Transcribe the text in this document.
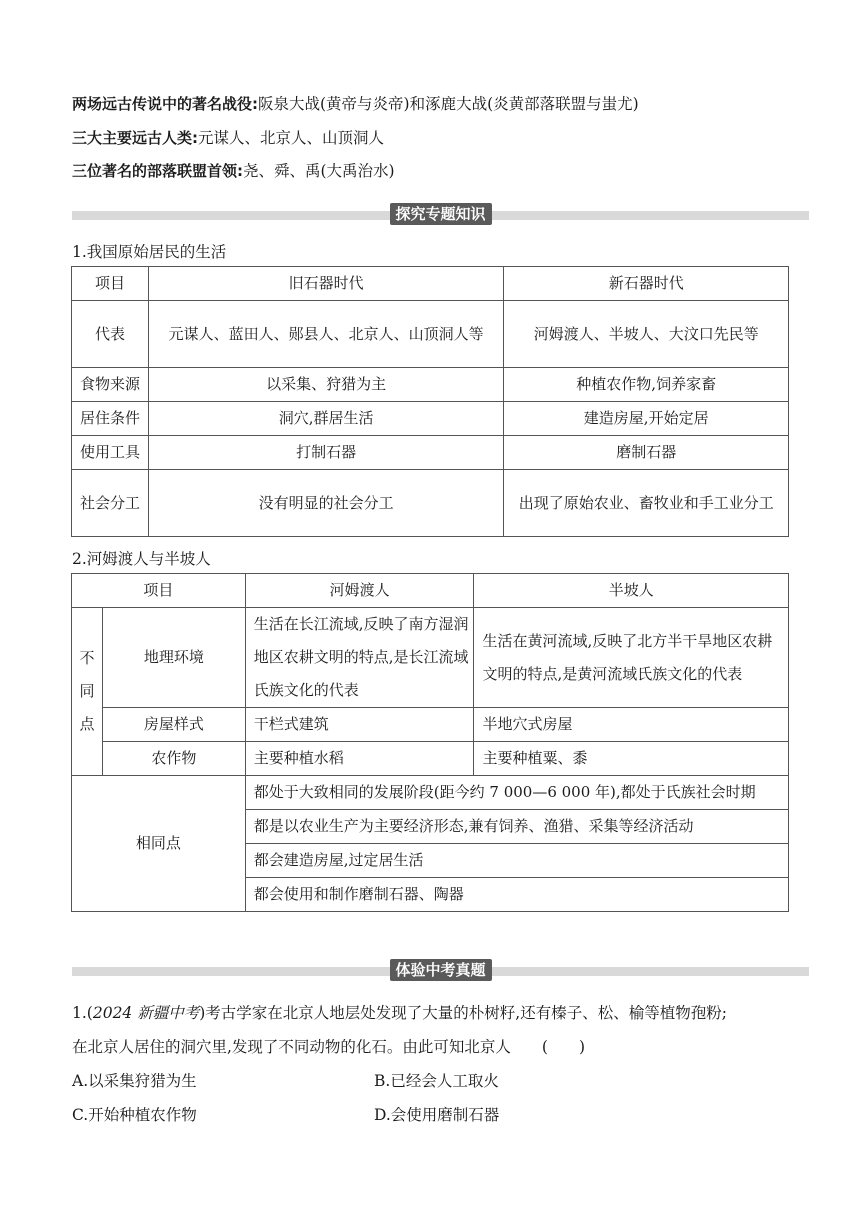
两场远古传说中的著名战役:阪泉大战(黄帝与炎帝)和涿鹿大战(炎黄部落联盟与蚩尤)
三大主要远古人类:元谋人、北京人、山顶洞人
三位著名的部落联盟首领:尧、舜、禹(大禹治水)
探究专题知识
1.我国原始居民的生活
项目	旧石器时代	新石器时代
代表	元谋人、蓝田人、郧县人、北京人、山顶洞人等	河姆渡人、半坡人、大汶口先民等
食物来源	以采集、狩猎为主	种植农作物,饲养家畜
居住条件	洞穴,群居生活	建造房屋,开始定居
使用工具	打制石器	磨制石器
社会分工	没有明显的社会分工	出现了原始农业、畜牧业和手工业分工
2.河姆渡人与半坡人
项目		河姆渡人	半坡人
不同点	地理环境	生活在长江流域,反映了南方湿润地区农耕文明的特点,是长江流域氏族文化的代表	生活在黄河流域,反映了北方半干旱地区农耕文明的特点,是黄河流域氏族文化的代表
	房屋样式	干栏式建筑	半地穴式房屋
	农作物	主要种植水稻	主要种植粟、黍
相同点		都处于大致相同的发展阶段(距今约 7 000—6 000 年),都处于氏族社会时期	
		都是以农业生产为主要经济形态,兼有饲养、渔猎、采集等经济活动	
		都会建造房屋,过定居生活	
		都会使用和制作磨制石器、陶器	
体验中考真题
1.(2024 新疆中考)考古学家在北京人地层处发现了大量的朴树籽,还有榛子、松、榆等植物孢粉;
在北京人居住的洞穴里,发现了不同动物的化石。由此可知北京人　　(　　)
A.以采集狩猎为生	B.已经会人工取火
C.开始种植农作物	D.会使用磨制石器
